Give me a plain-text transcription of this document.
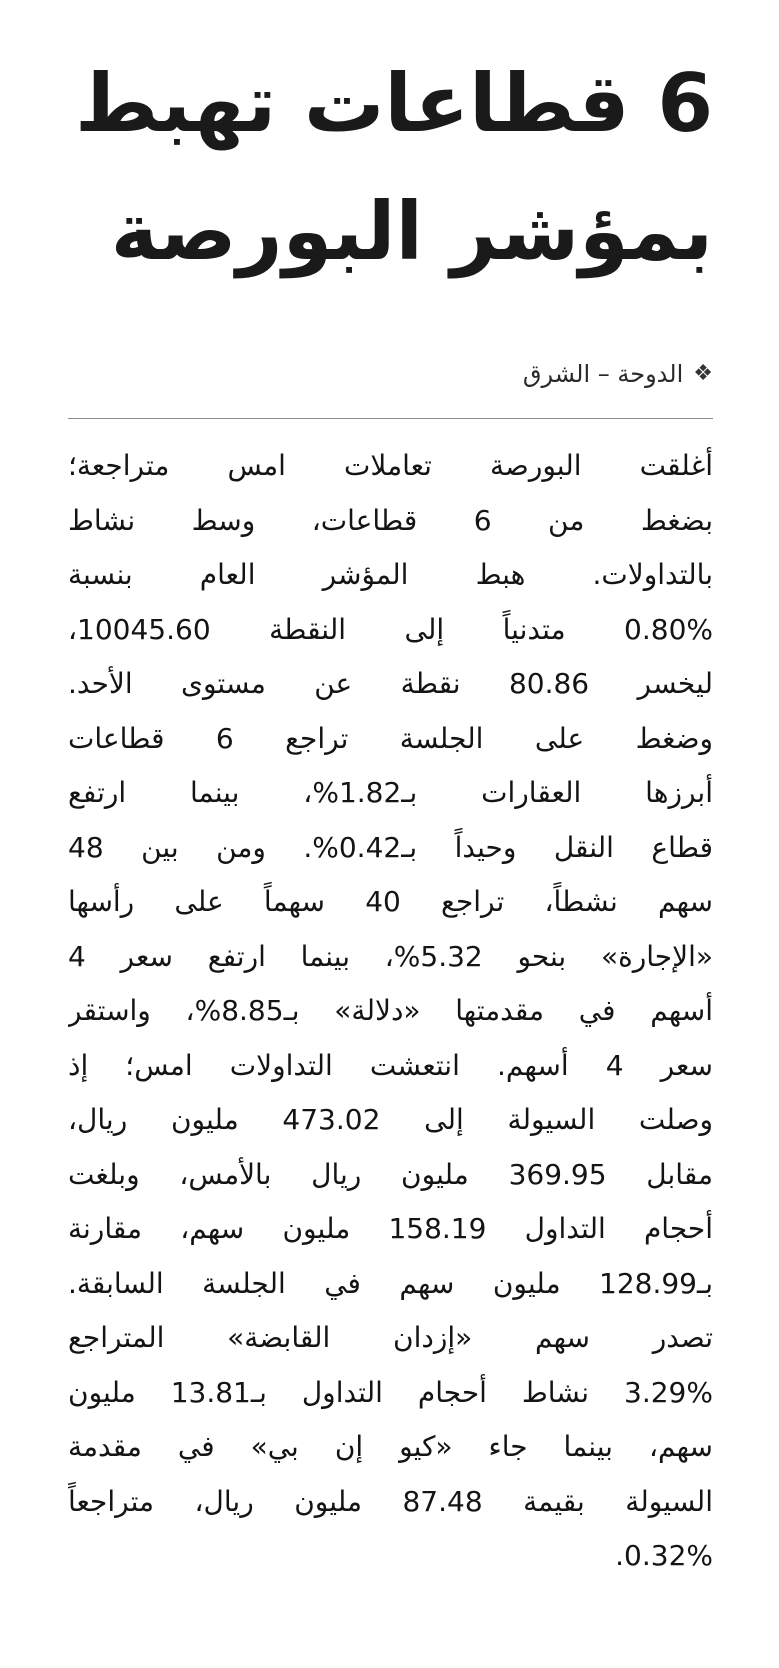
6 قطاعات تهبط
بمؤشر البورصة
❖
الدوحة – الشرق
أغلقت البورصة تعاملات امس متراجعة؛
بضغط من 6 قطاعات، وسط نشاط
بالتداولات. هبط المؤشر العام بنسبة
0.80% متدنياً إلى النقطة 10045.60،
ليخسر 80.86 نقطة عن مستوى الأحد.
وضغط على الجلسة تراجع 6 قطاعات
أبرزها العقارات بـ1.82%، بينما ارتفع
قطاع النقل وحيداً بـ0.42%. ومن بين 48
سهم نشطاً، تراجع 40 سهماً على رأسها
«الإجارة» بنحو 5.32%، بينما ارتفع سعر 4
أسهم في مقدمتها «دلالة» بـ8.85%، واستقر
سعر 4 أسهم. انتعشت التداولات امس؛ إذ
وصلت السيولة إلى 473.02 مليون ريال،
مقابل 369.95 مليون ريال بالأمس، وبلغت
أحجام التداول 158.19 مليون سهم، مقارنة
بـ128.99 مليون سهم في الجلسة السابقة.
تصدر سهم «إزدان القابضة» المتراجع
3.29% نشاط أحجام التداول بـ13.81 مليون
سهم، بينما جاء «كيو إن بي» في مقدمة
السيولة بقيمة 87.48 مليون ريال، متراجعاً
0.32%.
